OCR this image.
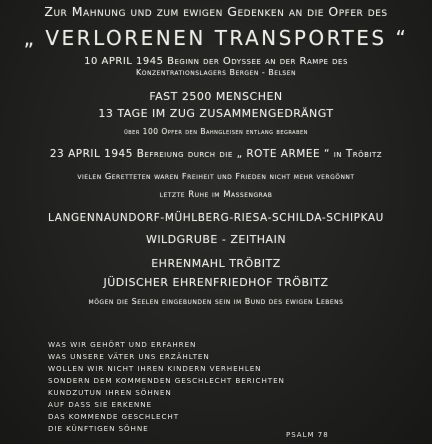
Zur Mahnung und zum ewigen Gedenken an die Opfer des
„ VERLORENEN TRANSPORTES “
10 APRIL 1945 Beginn der Odyssee an der Rampe des
Konzentrationslagers Bergen - Belsen
FAST 2500 MENSCHEN
13 TAGE IM ZUG ZUSAMMENGEDRÄNGT
über 100 Opfer den Bahngleisen entlang begraben
23 APRIL 1945 Befreiung durch die „ ROTE ARMEE “ in Tröbitz
vielen Geretteten waren Freiheit und Frieden nicht mehr vergönnt
letzte Ruhe im Massengrab
LANGENNAUNDORF-MÜHLBERG-RIESA-SCHILDA-SCHIPKAU
WILDGRUBE - ZEITHAIN
EHRENMAHL TRÖBITZ
JÜDISCHER EHRENFRIEDHOF TRÖBITZ
mögen die Seelen eingebunden sein im Bund des ewigen Lebens
WAS WIR GEHÖRT UND ERFAHREN
WAS UNSERE VÄTER UNS ERZÄHLTEN
WOLLEN WIR NICHT IHREN KINDERN VERHEHLEN
SONDERN DEM KOMMENDEN GESCHLECHT BERICHTEN
KUNDZUTUN IHREN SÖHNEN
AUF DASS SIE ERKENNE
DAS KOMMENDE GESCHLECHT
DIE KÜNFTIGEN SÖHNE
PSALM 78
